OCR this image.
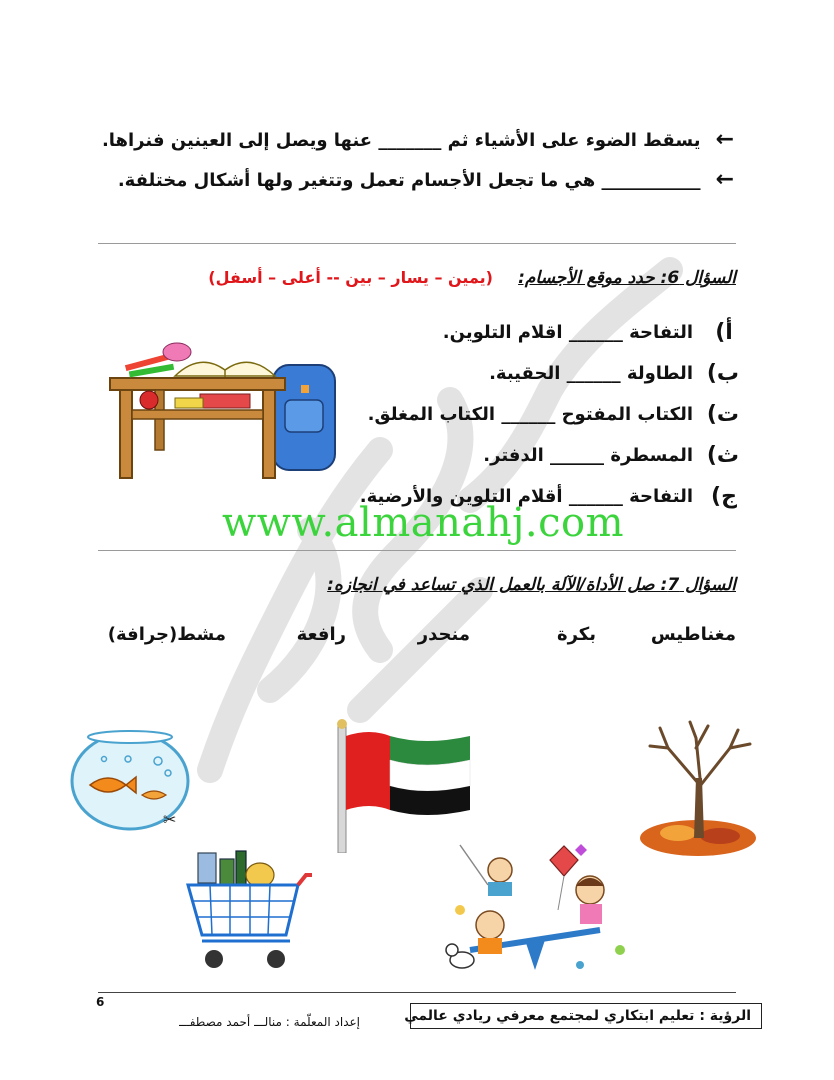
← يسقط الضوء على الأشياء ثم _______ عنها ويصل إلى العينين فنراها.
← ___________ هي ما تجعل الأجسام تعمل وتتغير ولها أشكال مختلفة.
السؤال 6: حدد موقع الأجسام: (يمين – يسار – بين -- أعلى – أسفل)
أ)
التفاحة ______ اقلام التلوين.
ب)
الطاولة ______ الحقيبة.
ت)
الكتاب المفتوح ______ الكتاب المغلق.
ث)
المسطرة ______ الدفتر.
ج)
التفاحة ______ أقلام التلوين والأرضية.
www.almanahj.com
السؤال 7: صل الأداة/الآلة بالعمل الذي تساعد في انجازه:
مغناطيس
بكرة
منحدر
رافعة
مشط(جرافة)
✂
6
الرؤية : تعليم ابتكاري لمجتمع معرفي ريادي عالمي
إعداد المعلّمة : منالـــ أحمد مصطفـــ
